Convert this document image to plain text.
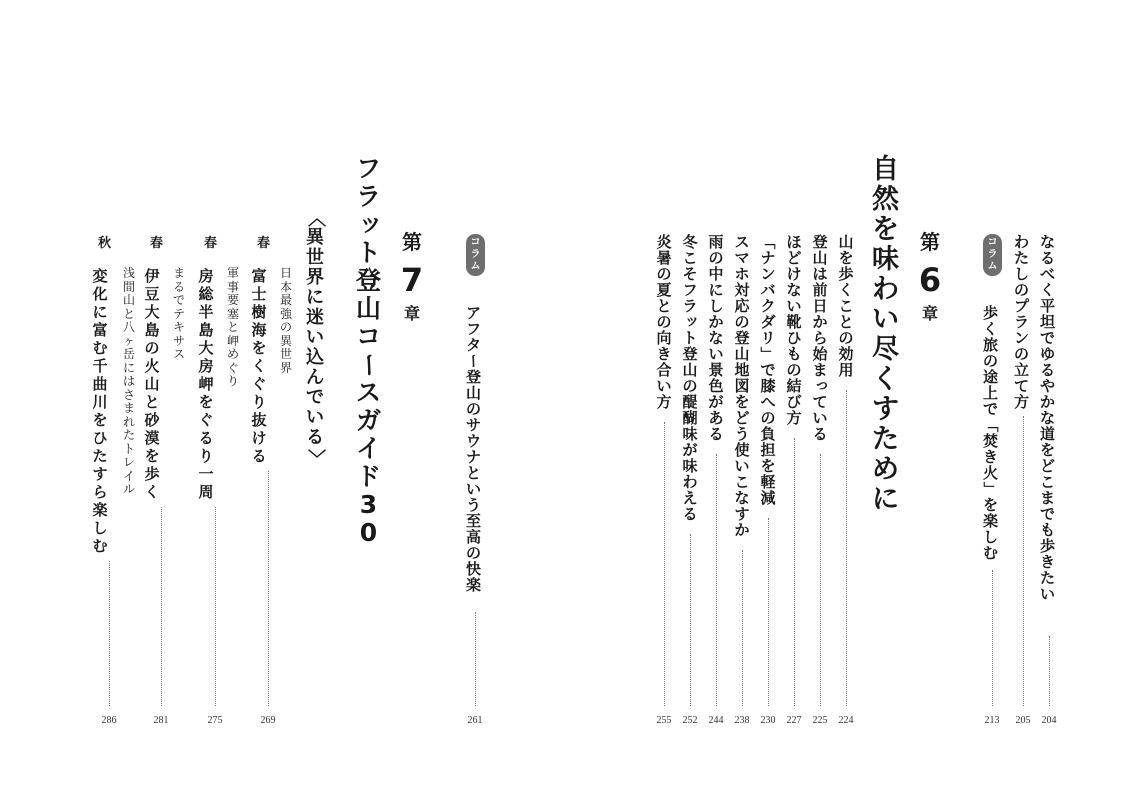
な
る
べ
く
平
坦
で
ゆ
る
や
か
な
道
を
ど
こ
ま
で
も
歩
き
た
い
204
わ
た
し
の
プ
ラ
ン
の
立
て
方
205
コ
ラ
ム
歩
く
旅
の
途
上
で
「
焚
き
火
」
を
楽
し
む
213
第
6
章
自
然
を
味
わ
い
尽
く
す
た
め
に
山
を
歩
く
こ
と
の
効
用
224
登
山
は
前
日
か
ら
始
ま
っ
て
い
る
225
ほ
ど
け
な
い
靴
ひ
も
の
結
び
方
227
「
ナ
ン
バ
ク
ダ
リ
」
で
膝
へ
の
負
担
を
軽
減
230
ス
マ
ホ
対
応
の
登
山
地
図
を
ど
う
使
い
こ
な
す
か
238
雨
の
中
に
し
か
な
い
景
色
が
あ
る
244
冬
こ
そ
フ
ラ
ッ
ト
登
山
の
醍
醐
味
が
味
わ
え
る
252
炎
暑
の
夏
と
の
向
き
合
い
方
255
コ
ラ
ム
ア
フ
タ
ー
登
山
の
サ
ウ
ナ
と
い
う
至
高
の
快
楽
261
第
7
章
フ
ラ
ッ
ト
登
山
コ
ー
ス
ガ
イ
ド
3
0
〈
異
世
界
に
迷
い
込
ん
で
い
る
〉
春
日
本
最
強
の
異
世
界
富
士
樹
海
を
く
ぐ
り
抜
け
る
269
春
軍
事
要
塞
と
岬
め
ぐ
り
房
総
半
島
大
房
岬
を
ぐ
る
り
一
周
275
春
ま
る
で
テ
キ
サ
ス
伊
豆
大
島
の
火
山
と
砂
漠
を
歩
く
281
秋
浅
間
山
と
八
ヶ
岳
に
は
さ
ま
れ
た
ト
レ
イ
ル
変
化
に
富
む
千
曲
川
を
ひ
た
す
ら
楽
し
む
286
